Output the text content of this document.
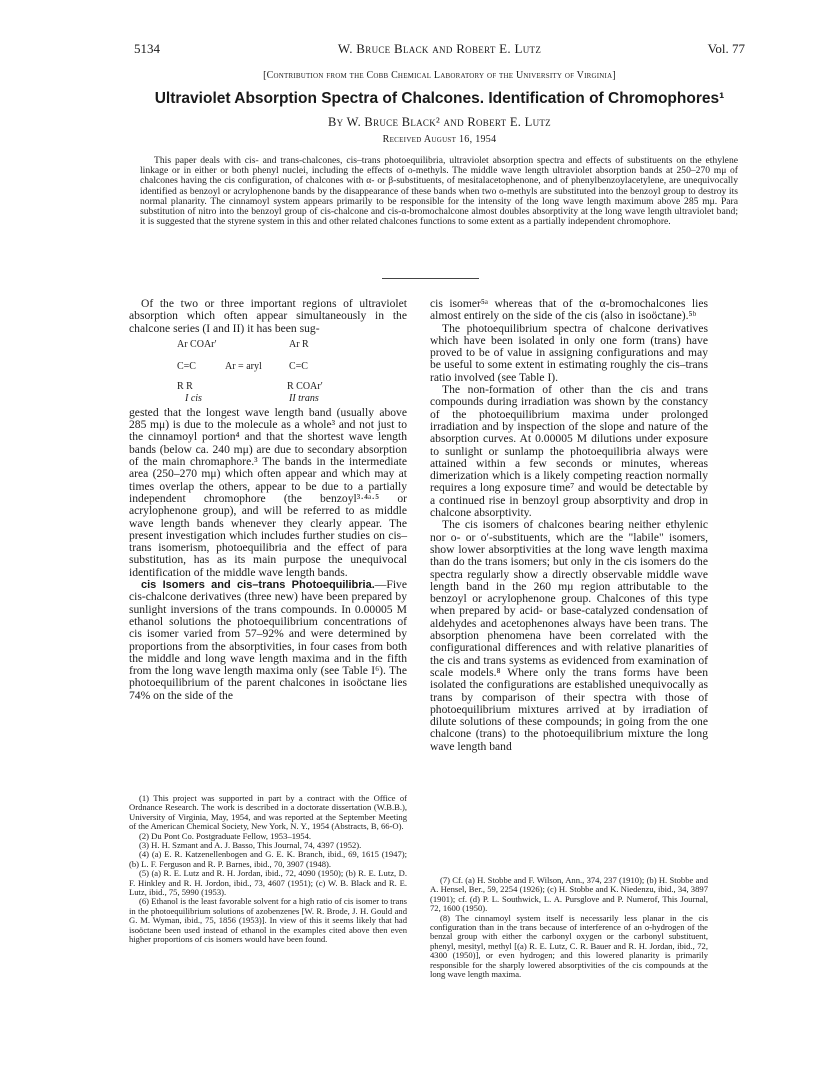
5134	W. Bruce Black and Robert E. Lutz	Vol. 77
[Contribution from the Cobb Chemical Laboratory of the University of Virginia]
Ultraviolet Absorption Spectra of Chalcones. Identification of Chromophores¹
By W. Bruce Black² and Robert E. Lutz
Received August 16, 1954
This paper deals with cis- and trans-chalcones, cis–trans photoequilibria, ultraviolet absorption spectra and effects of substituents on the ethylene linkage or in either or both phenyl nuclei, including the effects of o-methyls. The middle wave length ultraviolet absorption bands at 250–270 mμ of chalcones having the cis configuration, of chalcones with α- or β-substituents, of mesitalacetophenone, and of phenylbenzoylacetylene, are unequivocally identified as benzoyl or acrylophenone bands by the disappearance of these bands when two o-methyls are substituted into the benzoyl group to destroy its normal planarity. The cinnamoyl system appears primarily to be responsible for the intensity of the long wave length maximum above 285 mμ. Para substitution of nitro into the benzoyl group of cis-chalcone and cis-α-bromochalcone almost doubles absorptivity at the long wave length ultraviolet band; it is suggested that the styrene system in this and other related chalcones functions to some extent as a partially independent chromophore.

Of the two or three important regions of ultraviolet absorption which often appear simultaneously in the chalcone series (I and II) it has been sug-

Ar COAr′	Ar R
C=C	Ar = aryl	C=C
R R	R COAr′
I cis	II trans

gested that the longest wave length band (usually above 285 mμ) is due to the molecule as a whole³ and not just to the cinnamoyl portion⁴ and that the shortest wave length bands (below ca. 240 mμ) are due to secondary absorption of the main chromaphore.³ The bands in the intermediate area (250–270 mμ) which often appear and which may at times overlap the others, appear to be due to a partially independent chromophore (the benzoyl³·⁴ᵃ·⁵ or acrylophenone group), and will be referred to as middle wave length bands whenever they clearly appear. The present investigation which includes further studies on cis–trans isomerism, photoequilibria and the effect of para substitution, has as its main purpose the unequivocal identification of the middle wave length bands.

cis Isomers and cis–trans Photoequilibria.—Five cis-chalcone derivatives (three new) have been prepared by sunlight inversions of the trans compounds. In 0.00005 M ethanol solutions the photoequilibrium concentrations of cis isomer varied from 57–92% and were determined by proportions from the absorptivities, in four cases from both the middle and long wave length maxima and in the fifth from the long wave length maxima only (see Table I⁶). The photoequilibrium of the parent chalcones in isoöctane lies 74% on the side of the

(1) This project was supported in part by a contract with the Office of Ordnance Research. The work is described in a doctorate dissertation (W.B.B.), University of Virginia, May, 1954, and was reported at the September Meeting of the American Chemical Society, New York, N. Y., 1954 (Abstracts, B, 66-O).
(2) Du Pont Co. Postgraduate Fellow, 1953–1954.
(3) H. H. Szmant and A. J. Basso, This Journal, 74, 4397 (1952).
(4) (a) E. R. Katzenellenbogen and G. E. K. Branch, ibid., 69, 1615 (1947); (b) L. F. Ferguson and R. P. Barnes, ibid., 70, 3907 (1948).
(5) (a) R. E. Lutz and R. H. Jordan, ibid., 72, 4090 (1950); (b) R. E. Lutz, D. F. Hinkley and R. H. Jordon, ibid., 73, 4607 (1951); (c) W. B. Black and R. E. Lutz, ibid., 75, 5990 (1953).
(6) Ethanol is the least favorable solvent for a high ratio of cis isomer to trans in the photoequilibrium solutions of azobenzenes [W. R. Brode, J. H. Gould and G. M. Wyman, ibid., 75, 1856 (1953)]. In view of this it seems likely that had isoöctane been used instead of ethanol in the examples cited above then even higher proportions of cis isomers would have been found.

cis isomer⁵ᵃ whereas that of the α-bromochalcones lies almost entirely on the side of the cis (also in isoöctane).⁵ᵇ

The photoequilibrium spectra of chalcone derivatives which have been isolated in only one form (trans) have proved to be of value in assigning configurations and may be useful to some extent in estimating roughly the cis–trans ratio involved (see Table I).

The non-formation of other than the cis and trans compounds during irradiation was shown by the constancy of the photoequilibrium maxima under prolonged irradiation and by inspection of the slope and nature of the absorption curves. At 0.00005 M dilutions under exposure to sunlight or sunlamp the photoequilibria always were attained within a few seconds or minutes, whereas dimerization which is a likely competing reaction normally requires a long exposure time⁷ and would be detectable by a continued rise in benzoyl group absorptivity and drop in chalcone absorptivity.

The cis isomers of chalcones bearing neither ethylenic nor o- or o′-substituents, which are the "labile" isomers, show lower absorptivities at the long wave length maxima than do the trans isomers; but only in the cis isomers do the spectra regularly show a directly observable middle wave length band in the 260 mμ region attributable to the benzoyl or acrylophenone group. Chalcones of this type when prepared by acid- or base-catalyzed condensation of aldehydes and acetophenones always have been trans. The absorption phenomena have been correlated with the configurational differences and with relative planarities of the cis and trans systems as evidenced from examination of scale models.⁸ Where only the trans forms have been isolated the configurations are established unequivocally as trans by comparison of their spectra with those of photoequilibrium mixtures arrived at by irradiation of dilute solutions of these compounds; in going from the one chalcone (trans) to the photoequilibrium mixture the long wave length band

(7) Cf. (a) H. Stobbe and F. Wilson, Ann., 374, 237 (1910); (b) H. Stobbe and A. Hensel, Ber., 59, 2254 (1926); (c) H. Stobbe and K. Niedenzu, ibid., 34, 3897 (1901); cf. (d) P. L. Southwick, L. A. Pursglove and P. Numerof, This Journal, 72, 1600 (1950).
(8) The cinnamoyl system itself is necessarily less planar in the cis configuration than in the trans because of interference of an o-hydrogen of the benzal group with either the carbonyl oxygen or the carbonyl substituent, phenyl, mesityl, methyl [(a) R. E. Lutz, C. R. Bauer and R. H. Jordan, ibid., 72, 4300 (1950)], or even hydrogen; and this lowered planarity is primarily responsible for the sharply lowered absorptivities of the cis compounds at the long wave length maxima.
